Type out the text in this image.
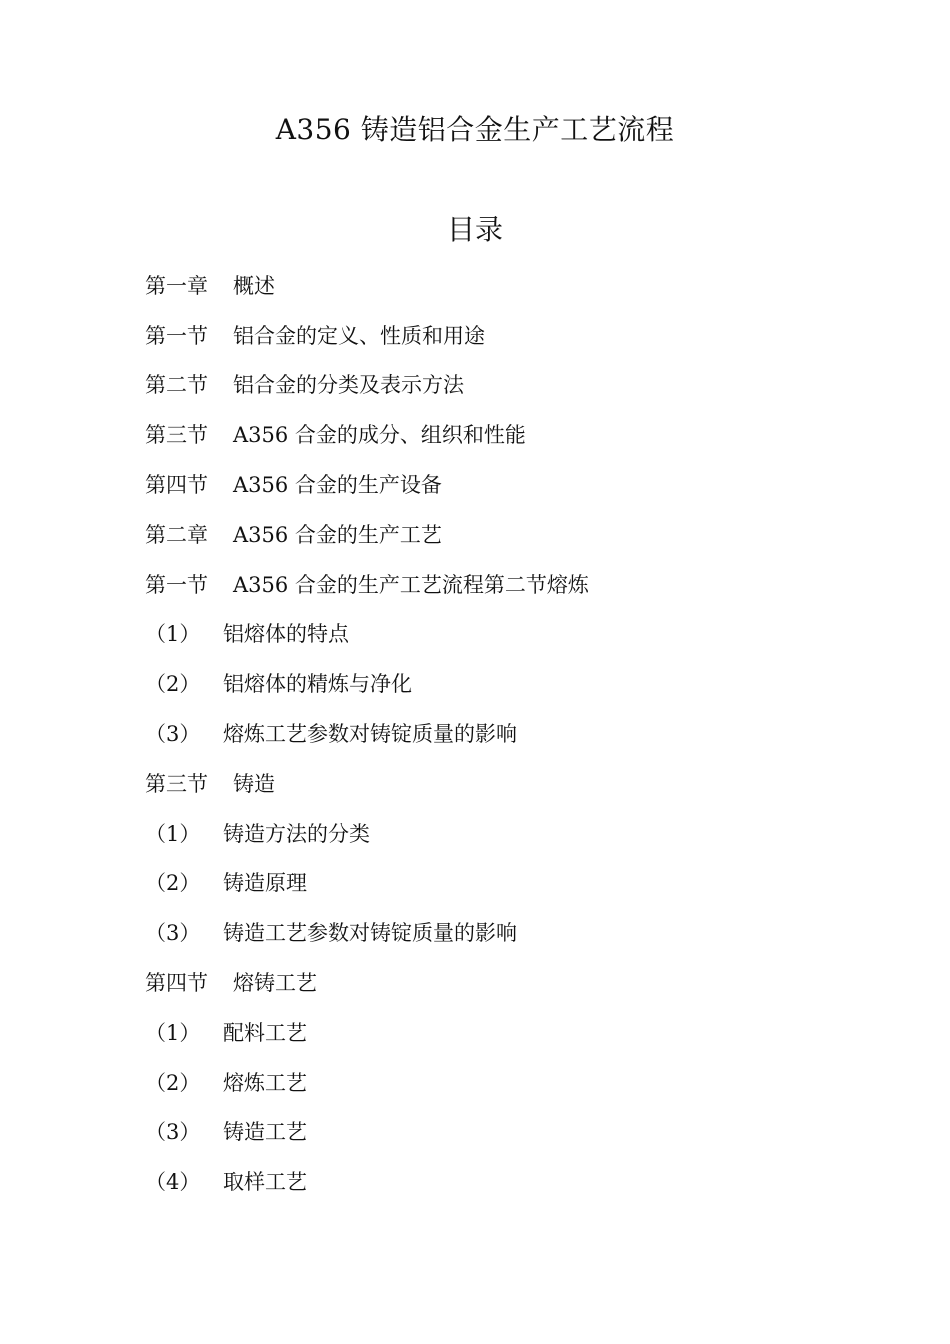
A356 铸造铝合金生产工艺流程
目录
第一章	概述
第一节	铝合金的定义、性质和用途
第二节	铝合金的分类及表示方法
第三节	A356 合金的成分、组织和性能
第四节	A356 合金的生产设备
第二章	A356 合金的生产工艺
第一节	A356 合金的生产工艺流程第二节熔炼
（1）	铝熔体的特点
（2）	铝熔体的精炼与净化
（3）	熔炼工艺参数对铸锭质量的影响
第三节	铸造
（1）	铸造方法的分类
（2）	铸造原理
（3）	铸造工艺参数对铸锭质量的影响
第四节	熔铸工艺
（1）	配料工艺
（2）	熔炼工艺
（3）	铸造工艺
（4）	取样工艺
